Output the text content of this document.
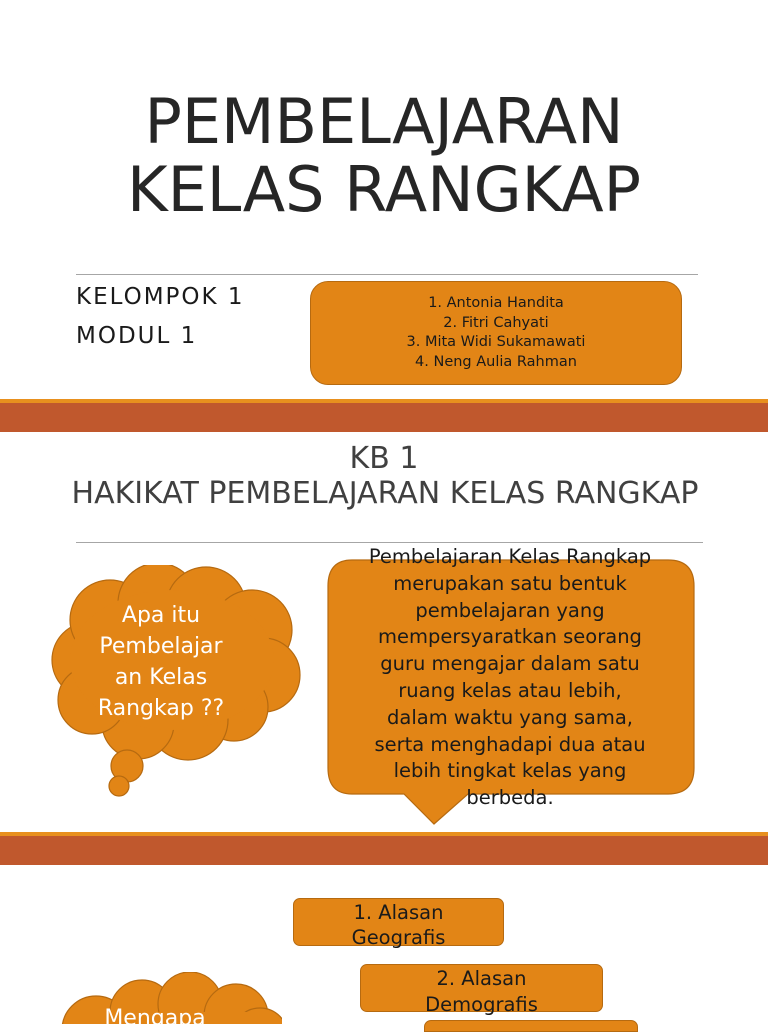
PEMBELAJARAN
KELAS RANGKAP
KELOMPOK 1
MODUL 1
1. Antonia Handita
2. Fitri Cahyati
3. Mita Widi Sukamawati
4. Neng Aulia Rahman
KB 1
HAKIKAT PEMBELAJARAN KELAS RANGKAP
Apa itu
Pembelajar
an Kelas
Rangkap ??
Pembelajaran Kelas Rangkap
merupakan satu bentuk
pembelajaran yang
mempersyaratkan seorang
guru mengajar dalam satu
ruang kelas atau lebih,
dalam waktu yang sama,
serta menghadapi dua atau
lebih tingkat kelas yang
berbeda.
1. Alasan
Geografis
2. Alasan
Demografis
Mengapa
